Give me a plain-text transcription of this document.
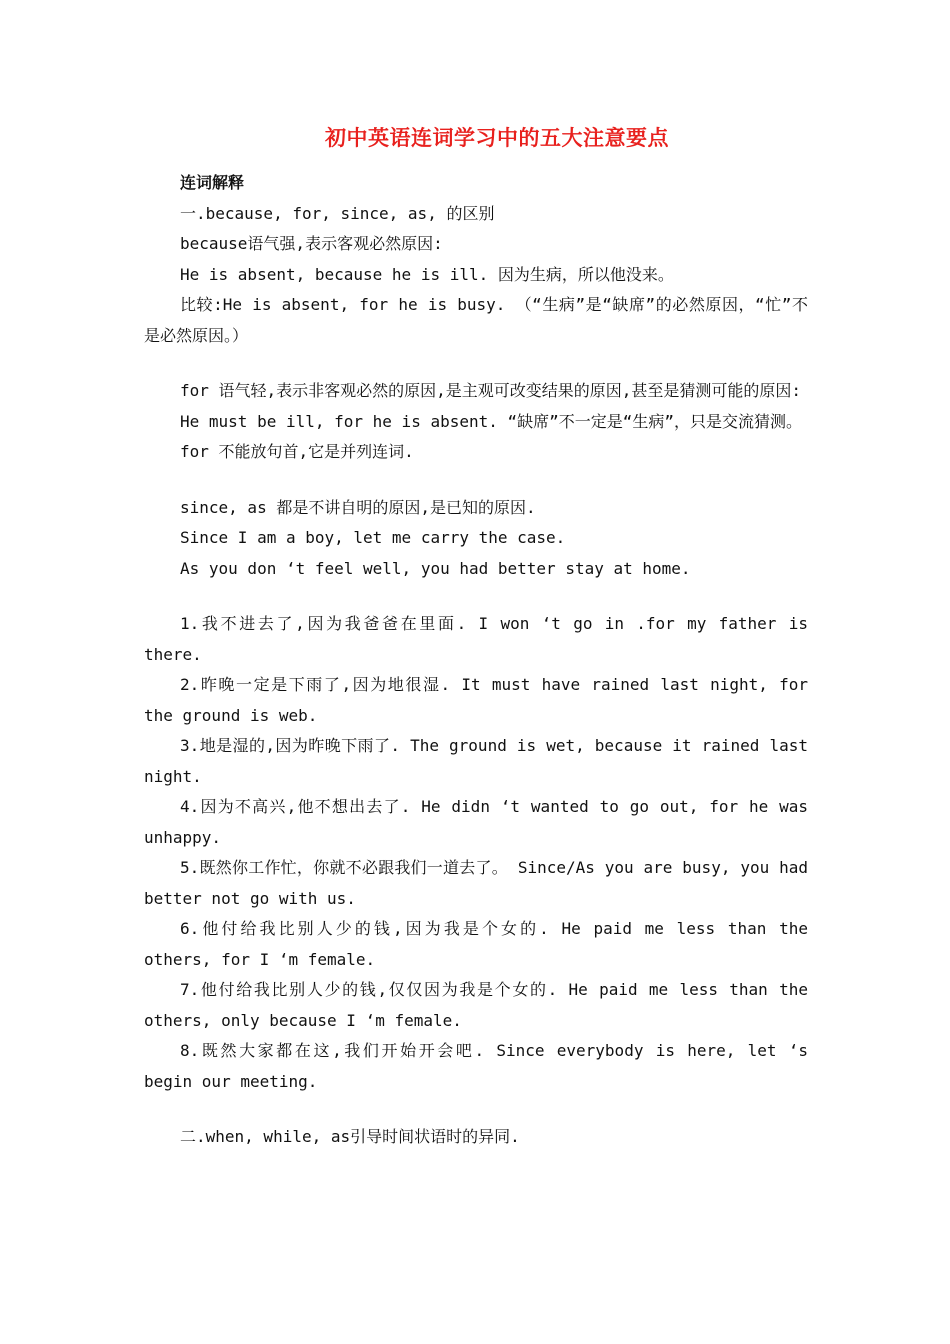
初中英语连词学习中的五大注意要点

连词解释

一.because, for, since, as, 的区别

because语气强,表示客观必然原因:

He is absent, because he is ill. 因为生病，所以他没来。

比较:He is absent, for he is busy. （“生病”是“缺席”的必然原因，“忙”不是必然原因。）

for 语气轻,表示非客观必然的原因,是主观可改变结果的原因,甚至是猜测可能的原因:

He must be ill, for he is absent. “缺席”不一定是“生病”，只是交流猜测。

for 不能放句首,它是并列连词.

since, as 都是不讲自明的原因,是已知的原因.

Since I am a boy, let me carry the case.

As you don ‘t feel well, you had better stay at home.

1.我不进去了,因为我爸爸在里面. I won ‘t go in .for my father is there.

2.昨晚一定是下雨了,因为地很湿. It must have rained last night, for the ground is web.

3.地是湿的,因为昨晚下雨了. The ground is wet, because it rained last night.

4.因为不高兴,他不想出去了. He didn ‘t wanted to go out, for he was unhappy.

5.既然你工作忙，你就不必跟我们一道去了。 Since/As you are busy, you had better not go with us.

6.他付给我比别人少的钱,因为我是个女的. He paid me less than the others, for I ‘m female.

7.他付给我比别人少的钱,仅仅因为我是个女的. He paid me less than the others, only because I ‘m female.

8.既然大家都在这,我们开始开会吧. Since everybody is here, let ‘s begin our meeting.

二.when, while, as引导时间状语时的异同.
